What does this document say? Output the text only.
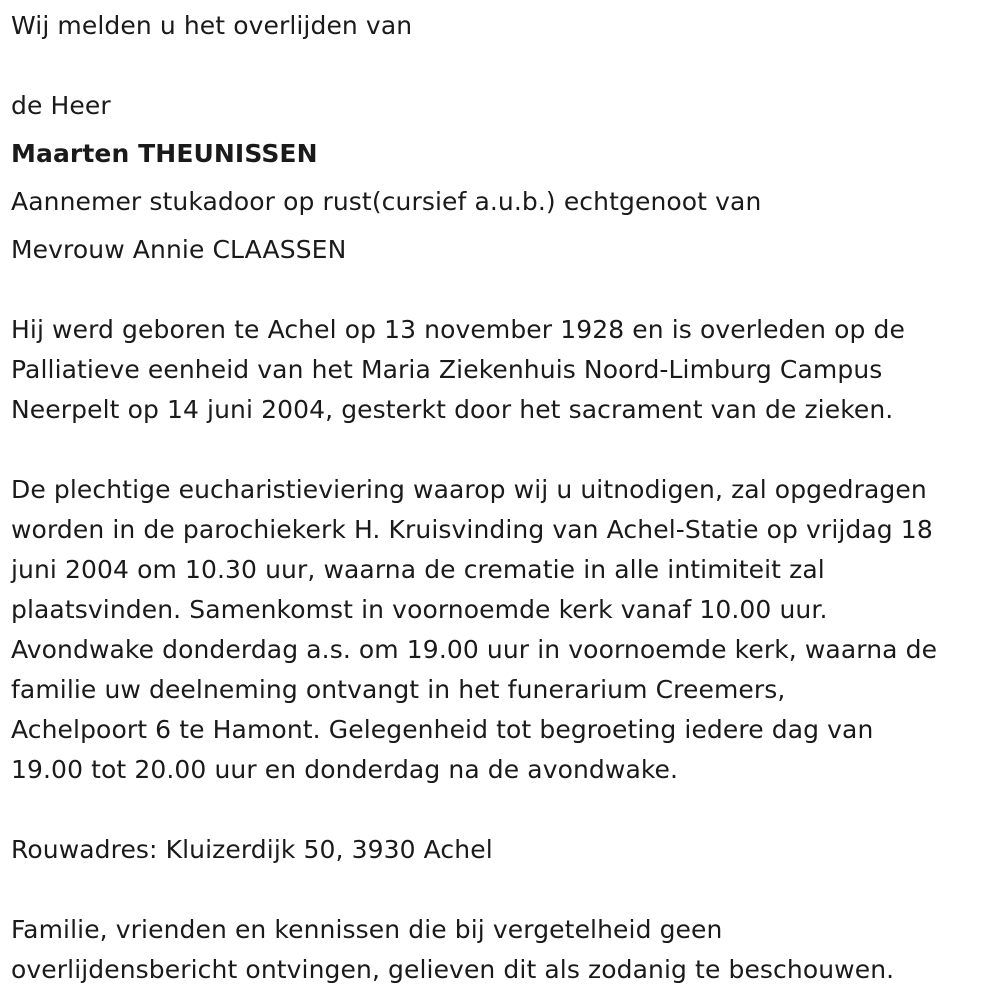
Wij melden u het overlijden van
de Heer
Maarten THEUNISSEN
Aannemer stukadoor op rust(cursief a.u.b.) echtgenoot van
Mevrouw Annie CLAASSEN
Hij werd geboren te Achel op 13 november 1928 en is overleden op de
Palliatieve eenheid van het Maria Ziekenhuis Noord-Limburg Campus
Neerpelt op 14 juni 2004, gesterkt door het sacrament van de zieken.
De plechtige eucharistieviering waarop wij u uitnodigen, zal opgedragen
worden in de parochiekerk H. Kruisvinding van Achel-Statie op vrijdag 18
juni 2004 om 10.30 uur, waarna de crematie in alle intimiteit zal
plaatsvinden. Samenkomst in voornoemde kerk vanaf 10.00 uur.
Avondwake donderdag a.s. om 19.00 uur in voornoemde kerk, waarna de
familie uw deelneming ontvangt in het funerarium Creemers,
Achelpoort 6 te Hamont. Gelegenheid tot begroeting iedere dag van
19.00 tot 20.00 uur en donderdag na de avondwake.
Rouwadres: Kluizerdijk 50, 3930 Achel
Familie, vrienden en kennissen die bij vergetelheid geen
overlijdensbericht ontvingen, gelieven dit als zodanig te beschouwen.
